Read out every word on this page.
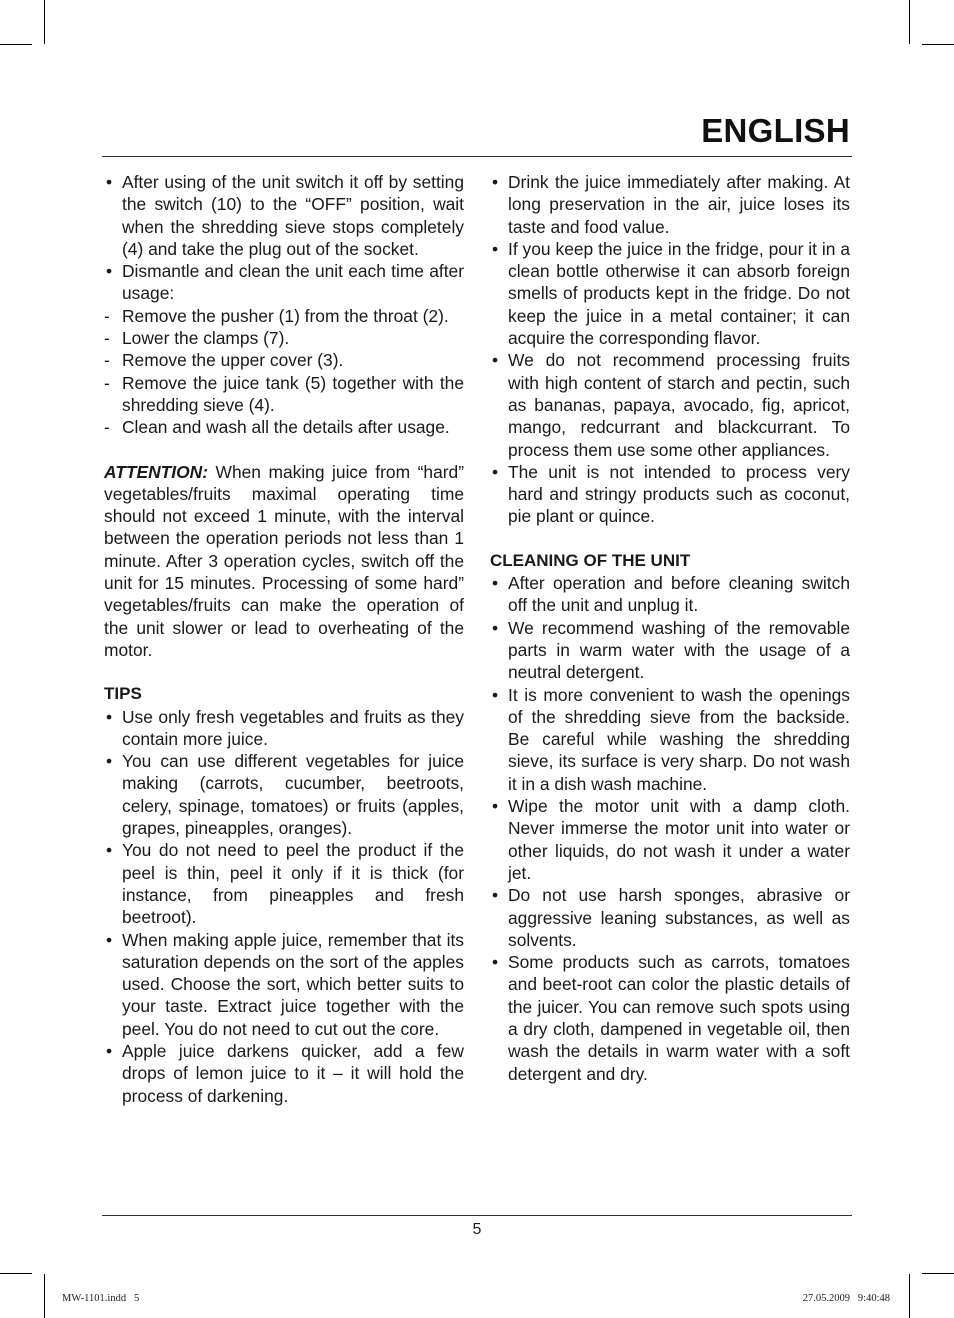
ENGLISH
• After using of the unit switch it off by setting the switch (10) to the “OFF” position, wait when the shredding sieve stops completely (4) and take the plug out of the socket.
• Dismantle and clean the unit each time after usage:
- Remove the pusher (1) from the throat (2).
- Lower the clamps (7).
- Remove the upper cover (3).
- Remove the juice tank (5) together with the shredding sieve (4).
- Clean and wash all the details after usage.

ATTENTION: When making juice from “hard” vegetables/fruits maximal operating time should not exceed 1 minute, with the interval between the operation periods not less than 1 minute. After 3 operation cycles, switch off the unit for 15 minutes. Processing of some hard” vegetables/fruits can make the operation of the unit slower or lead to overheating of the motor.

TIPS

• Use only fresh vegetables and fruits as they contain more juice.
• You can use different vegetables for juice making (carrots, cucumber, beetroots, celery, spinage, tomatoes) or fruits (apples, grapes, pineapples, oranges).
• You do not need to peel the product if the peel is thin, peel it only if it is thick (for instance, from pineapples and fresh beetroot).
• When making apple juice, remember that its saturation depends on the sort of the apples used. Choose the sort, which better suits to your taste. Extract juice together with the peel. You do not need to cut out the core.
• Apple juice darkens quicker, add a few drops of lemon juice to it – it will hold the process of darkening.
• Drink the juice immediately after making. At long preservation in the air, juice loses its taste and food value.
• If you keep the juice in the fridge, pour it in a clean bottle otherwise it can absorb foreign smells of products kept in the fridge. Do not keep the juice in a metal container; it can acquire the corresponding flavor.
• We do not recommend processing fruits with high content of starch and pectin, such as bananas, papaya, avocado, fig, apricot, mango, redcurrant and blackcurrant. To process them use some other appliances.
• The unit is not intended to process very hard and stringy products such as coconut, pie plant or quince.

CLEANING OF THE UNIT

• After operation and before cleaning switch off the unit and unplug it.
• We recommend washing of the removable parts in warm water with the usage of a neutral detergent.
• It is more convenient to wash the openings of the shredding sieve from the backside. Be careful while washing the shredding sieve, its surface is very sharp. Do not wash it in a dish wash machine.
• Wipe the motor unit with a damp cloth. Never immerse the motor unit into water or other liquids, do not wash it under a water jet.
• Do not use harsh sponges, abrasive or aggressive leaning substances, as well as solvents.
• Some products such as carrots, tomatoes and beet-root can color the plastic details of the juicer. You can remove such spots using a dry cloth, dampened in vegetable oil, then wash the details in warm water with a soft detergent and dry.
5
MW-1101.indd   5	27.05.2009   9:40:48
